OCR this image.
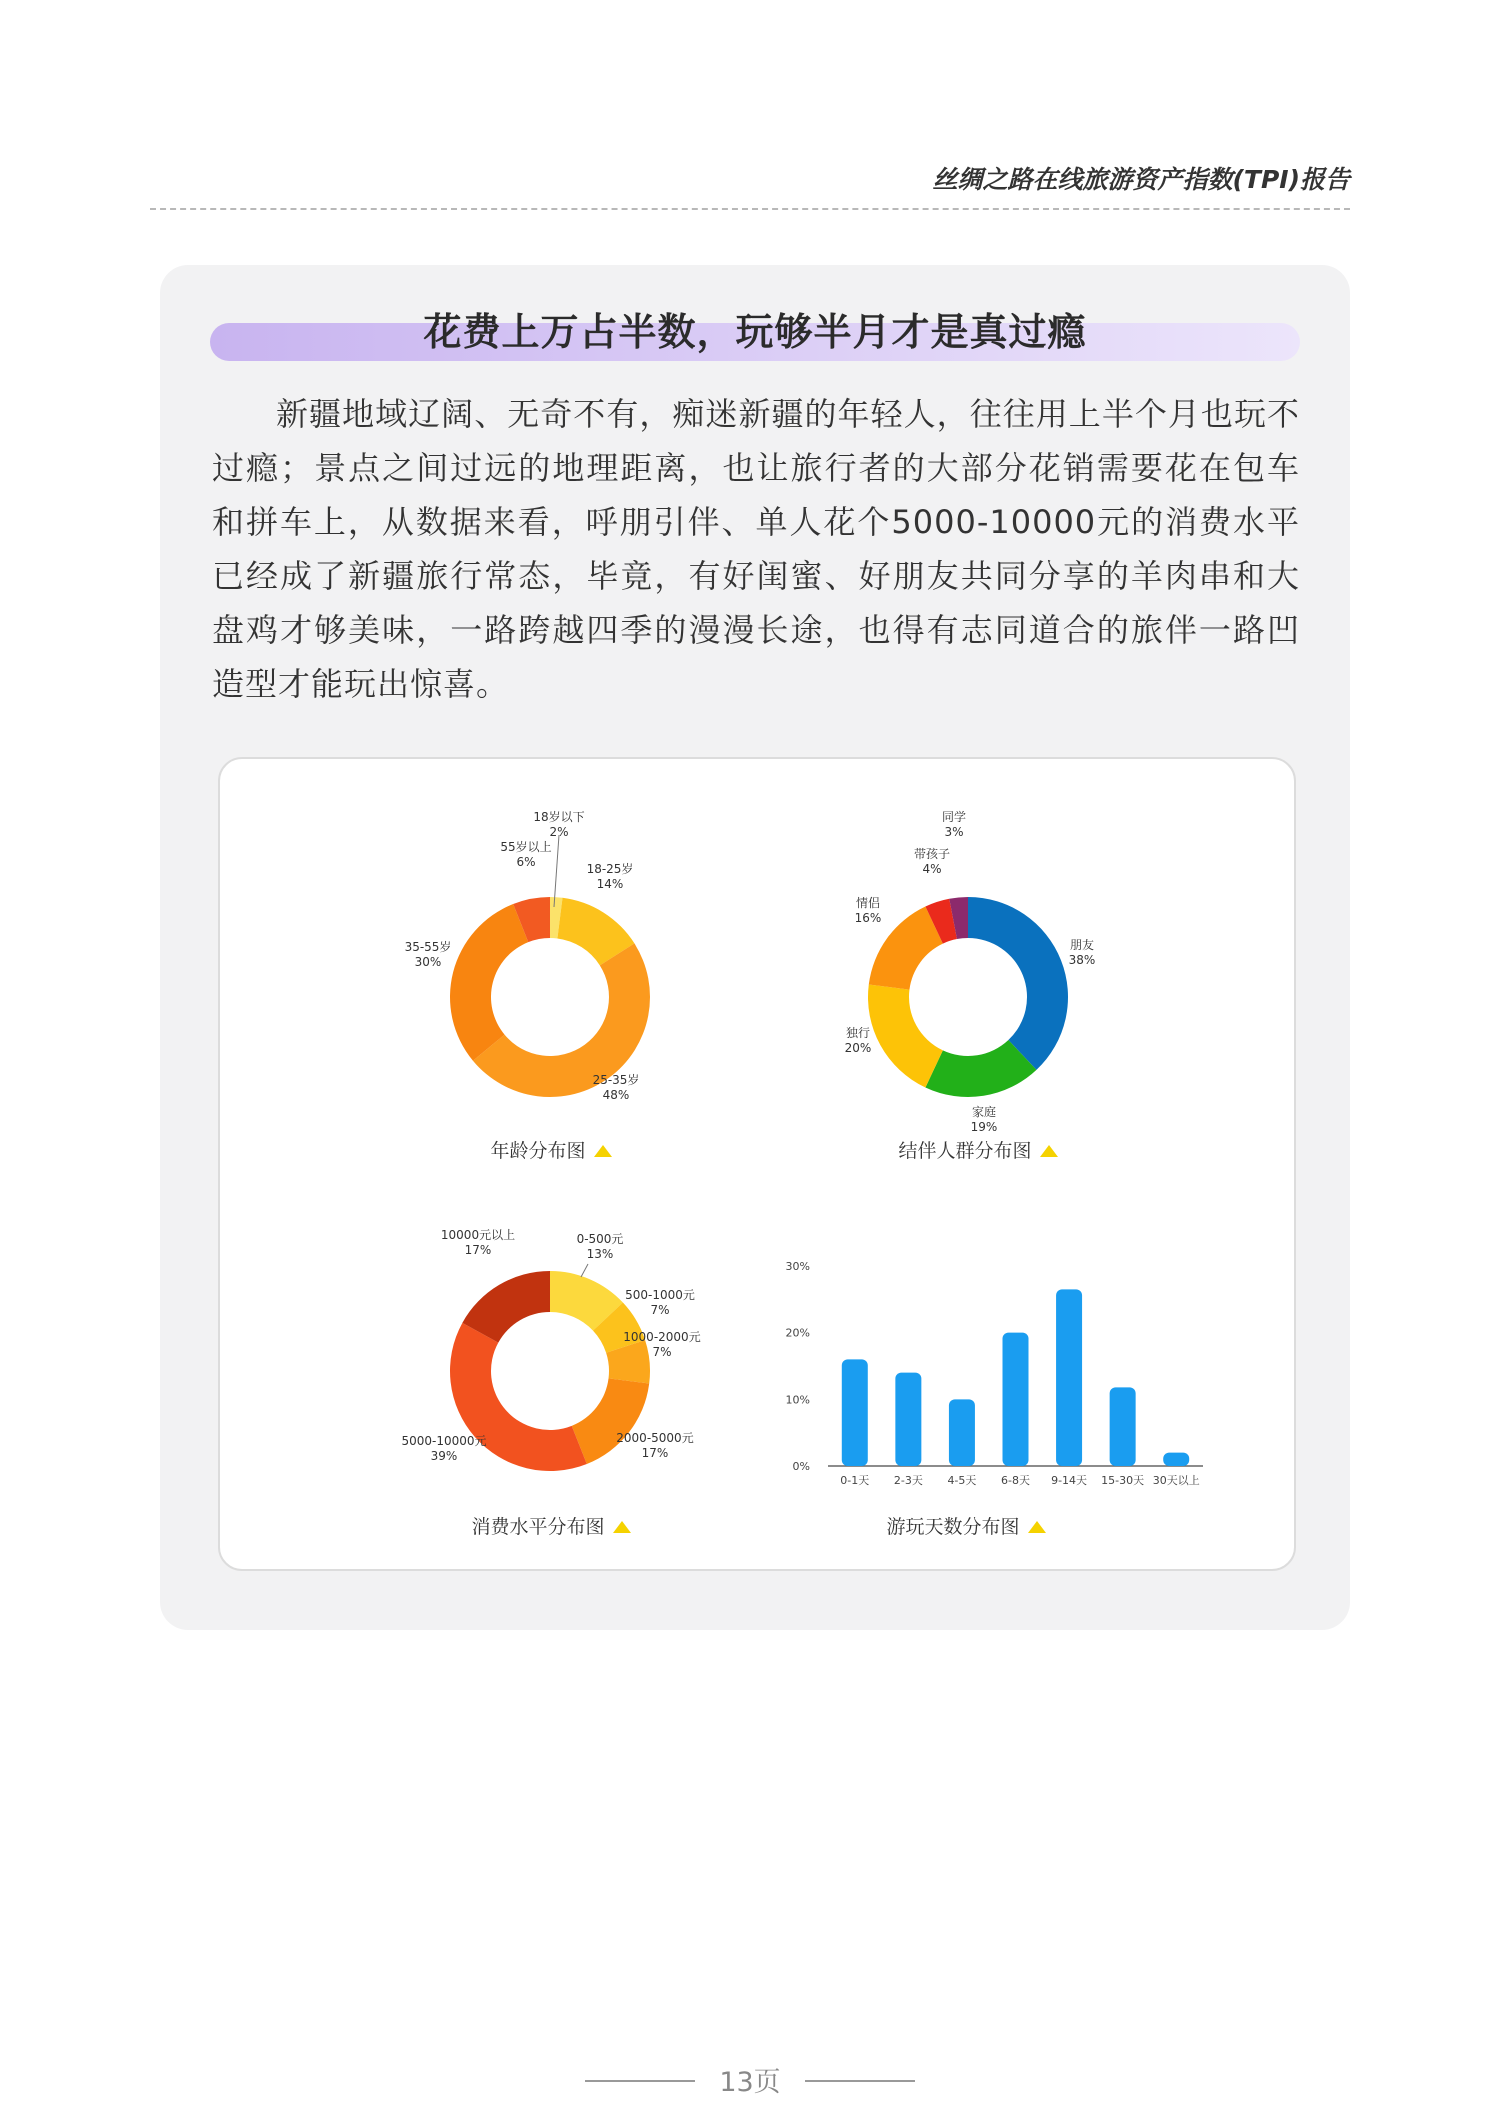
丝绸之路在线旅游资产指数(TPI)报告
花费上万占半数，玩够半月才是真过瘾
新疆地域辽阔、无奇不有，痴迷新疆的年轻人，往往用上半个月也玩不过瘾；景点之间过远的地理距离，也让旅行者的大部分花销需要花在包车和拼车上，从数据来看，呼朋引伴、单人花个5000-10000元的消费水平已经成了新疆旅行常态，毕竟，有好闺蜜、好朋友共同分享的羊肉串和大盘鸡才够美味，一路跨越四季的漫漫长途，也得有志同道合的旅伴一路凹造型才能玩出惊喜。
18岁以下
2%
18-25岁
14%
25-35岁
48%
35-55岁
30%
55岁以上
6%
年龄分布图
朋友
38%
家庭
19%
独行
20%
情侣
16%
带孩子
4%
同学
3%
结伴人群分布图
0-500元
13%
500-1000元
7%
1000-2000元
7%
2000-5000元
17%
5000-10000元
39%
10000元以上
17%
消费水平分布图
0%
10%
20%
30%
0-1天 2-3天 4-5天 6-8天 9-14天 15-30天 30天以上
游玩天数分布图
13页
